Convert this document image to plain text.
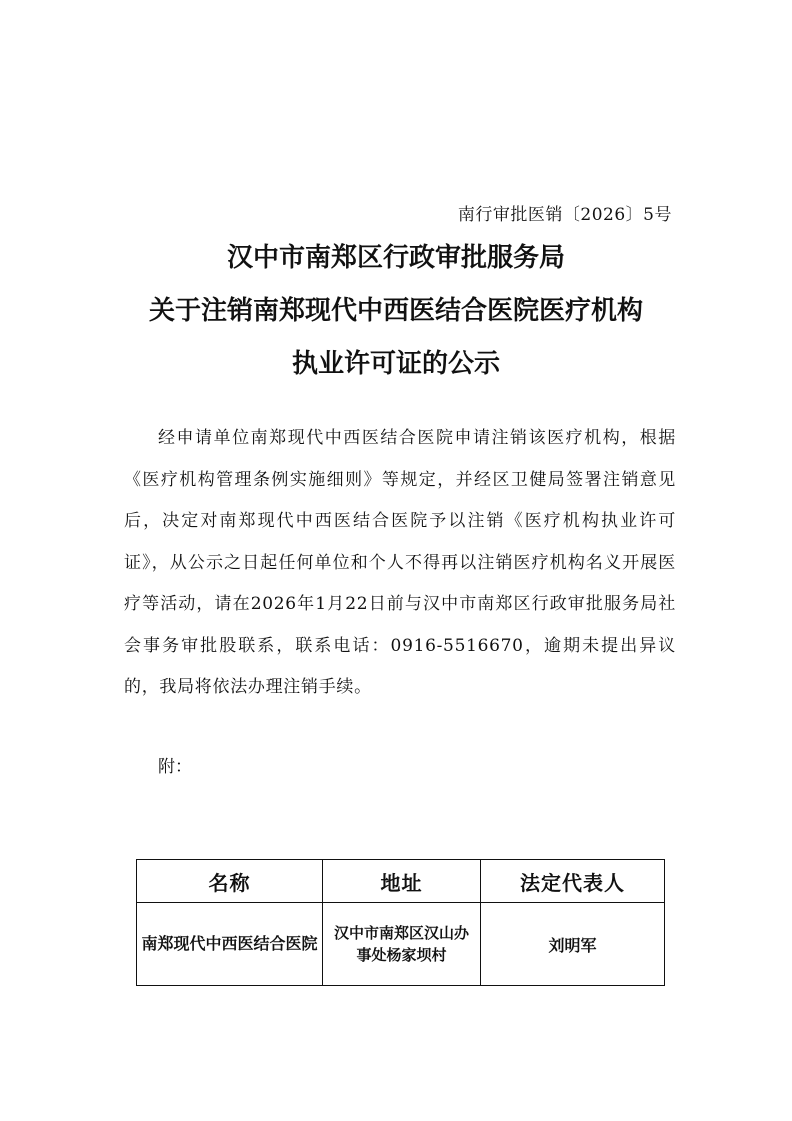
南行审批医销〔2026〕5号
汉中市南郑区行政审批服务局
关于注销南郑现代中西医结合医院医疗机构
执业许可证的公示
经申请单位南郑现代中西医结合医院申请注销该医疗机构，根据《医疗机构管理条例实施细则》等规定，并经区卫健局签署注销意见后，决定对南郑现代中西医结合医院予以注销《医疗机构执业许可证》，从公示之日起任何单位和个人不得再以注销医疗机构名义开展医疗等活动，请在2026年1月22日前与汉中市南郑区行政审批服务局社会事务审批股联系，联系电话：0916-5516670，逾期未提出异议的，我局将依法办理注销手续。
附：
名称	地址	法定代表人
南郑现代中西医结合医院	汉中市南郑区汉山办事处杨家坝村	刘明军
